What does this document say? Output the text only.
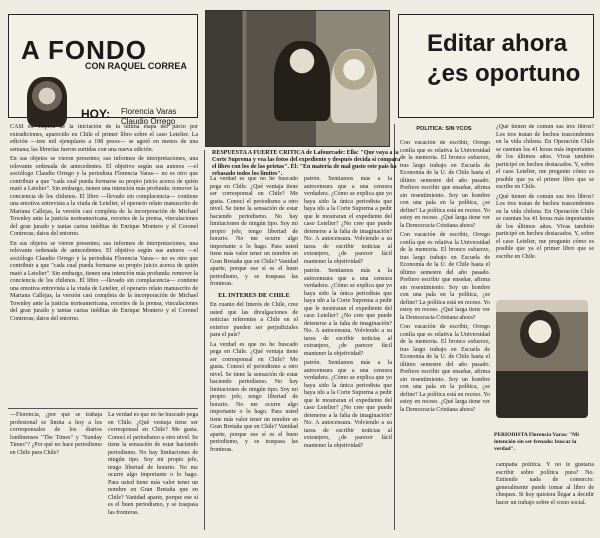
A FONDO
CON RAQUEL CORREA
HOY: Florencia Varas
Claudio Orrego
Editar ahora
¿es oportuno
RESPUESTA A FUERTE CRITICA de Lafourcade: Ella: "Que vaya a la Corte Suprema y vea las fotos del expediente y después decida si compara el libro con los de las prietas". Él: "En materia de mal gusto este país ha rebasado todos los límites".

CASI en víspera de la iniciación de la última etapa del juicio por extradiciones, aparecido en Chile el primer libro sobre el caso Letelier. La edición —tres mil ejemplares a 198 pesos— se agotó en menos de una semana; las librerías fueron surtidas con una nueva edición.

En sus objetos se vieron presentes; sus informes de interpretaciones, una relevante ordenada de antecedentes. El objetivo según sus autores —el sociólogo Claudio Orrego y la periodista Florencia Varas— no es otro que contribuir a que "cada cual pueda formarse su propio juicio acerca de quién mató a Letelier". Sin embargo, tienen una intención más profunda: remover la conciencia de los chilenos. El libro —llevado sin complacencia— contiene una emotiva entrevista a la viuda de Letelier, el operario relato manuscrito de Mariana Callejas, la versión casi completa de la incorporación de Michael Townley ante la justicia norteamericana, recortes de la prensa, vinculaciones del gran jurado y tantas cartas inéditas de Enrique Montero y el Coronel Contreras; datos del entorno.

En sus objetos se vieron presentes; sus informes de interpretaciones, una relevante ordenada de antecedentes. El objetivo según sus autores —el sociólogo Claudio Orrego y la periodista Florencia Varas— no es otro que contribuir a que "cada cual pueda formarse su propio juicio acerca de quién mató a Letelier". Sin embargo, tienen una intención más profunda: remover la conciencia de los chilenos. El libro —llevado sin complacencia— contiene una emotiva entrevista a la viuda de Letelier, el operario relato manuscrito de Mariana Callejas, la versión casi completa de la incorporación de Michael Townley ante la justicia norteamericana, recortes de la prensa, vinculaciones del gran jurado y tantas cartas inéditas de Enrique Montero y el Coronel Contreras; datos del entorno.

—Florencia, ¿por qué se trabaja profesional se limita a hoy a los corresponsales de los diarios londinenses "The Times" y "Sunday Times"? ¿Por qué no hace periodismo en Chile para Chile?

La verdad es que no he buscado pega en Chile. ¿Qué ventaja tiene ser corresponsal en Chile? Me gusta. Conocí el periodismo a otro nivel. Se tiene la sensación de estar haciendo periodismo. No hay limitaciones de ningún tipo. Soy mi propio jefe, tengo libertad de horario. No me ocurre algo importante o lo hago. Para usted tiene más valor tener un nombre en Gran Bretaña que en Chile? Vanidad aparte, porque ese sí es el buen periodismo, y se traspasa las fronteras.

La verdad es que no he buscado pega en Chile. ¿Qué ventaja tiene ser corresponsal en Chile? Me gusta. Conocí el periodismo a otro nivel. Se tiene la sensación de estar haciendo periodismo. No hay limitaciones de ningún tipo. Soy mi propio jefe, tengo libertad de horario. No me ocurre algo importante o lo hago. Para usted tiene más valor tener un nombre en Gran Bretaña que en Chile? Vanidad aparte, porque ese sí es el buen periodismo, y se traspasa las fronteras.

EL INTERES DE CHILE

En cuanto del Interés de Chile, cree usted que las divulgaciones de noticias referentes a Chile en el exterior pueden ser perjudiciales para el país?

La verdad es que no he buscado pega en Chile. ¿Qué ventaja tiene ser corresponsal en Chile? Me gusta. Conocí el periodismo a otro nivel. Se tiene la sensación de estar haciendo periodismo. No hay limitaciones de ningún tipo. Soy mi propio jefe, tengo libertad de horario. No me ocurre algo importante o lo hago. Para usted tiene más valor tener un nombre en Gran Bretaña que en Chile? Vanidad aparte, porque ese sí es el buen periodismo, y se traspasa las fronteras.

patrón. Sentíamos más a la autocensura que a una censura verdadera. ¿Cómo se explica que yo haya sido la única periodista que haya ido a la Corte Suprema a pedir que le mostraran el expediente del caso Letelier? ¿No cree que puede detenerse a la falta de imaginación? No. A autocensura. Volviendo a su tarea de escribir noticias al extranjero, ¿de parecer fácil mantener la objetividad?

patrón. Sentíamos más a la autocensura que a una censura verdadera. ¿Cómo se explica que yo haya sido la única periodista que haya ido a la Corte Suprema a pedir que le mostraran el expediente del caso Letelier? ¿No cree que puede detenerse a la falta de imaginación? No. A autocensura. Volviendo a su tarea de escribir noticias al extranjero, ¿de parecer fácil mantener la objetividad?

patrón. Sentíamos más a la autocensura que a una censura verdadera. ¿Cómo se explica que yo haya sido la única periodista que haya ido a la Corte Suprema a pedir que le mostraran el expediente del caso Letelier? ¿No cree que puede detenerse a la falta de imaginación? No. A autocensura. Volviendo a su tarea de escribir noticias al extranjero, ¿de parecer fácil mantener la objetividad?

POLITICA: SIN YCOS

Con vacación de escribir, Orrego confía que es relativa la Universidad de la memoria. El bronco esfuerzo, tras largo trabajo en Escuela de Economía de la U. de Chile hasta el último semestre del año pasado. Prefiero escribir que enseñar, afirma sin resentimiento. Soy un hombre con una pala en la política, ¿se define? La política está en receso. Yo estoy en receso. ¿Qué larga tiene ver la Democracia Cristiana ahora?

Con vacación de escribir, Orrego confía que es relativa la Universidad de la memoria. El bronco esfuerzo, tras largo trabajo en Escuela de Economía de la U. de Chile hasta el último semestre del año pasado. Prefiero escribir que enseñar, afirma sin resentimiento. Soy un hombre con una pala en la política, ¿se define? La política está en receso. Yo estoy en receso. ¿Qué larga tiene ver la Democracia Cristiana ahora?

Con vacación de escribir, Orrego confía que es relativa la Universidad de la memoria. El bronco esfuerzo, tras largo trabajo en Escuela de Economía de la U. de Chile hasta el último semestre del año pasado. Prefiero escribir que enseñar, afirma sin resentimiento. Soy un hombre con una pala en la política, ¿se define? La política está en receso. Yo estoy en receso. ¿Qué larga tiene ver la Democracia Cristiana ahora?

¿Qué tienen de común sus tres libros? Los tres tratan de hechos trascendentes en la vida chilena. En Operación Chile se cuentan los 41 horas más importantes de los últimos años. Vivas también participó en hechos destacados. Y, sobre el caso Letelier, me pregunto cómo es posible que ya el primer libro que se escribe en Chile.

¿Qué tienen de común sus tres libros? Los tres tratan de hechos trascendentes en la vida chilena. En Operación Chile se cuentan los 41 horas más importantes de los últimos años. Vivas también participó en hechos destacados. Y, sobre el caso Letelier, me pregunto cómo es posible que ya el primer libro que se escribe en Chile.

PERIODISTA Florencia Varas: "Mi intención sin ser frenado: buscar la verdad".

campaña política. Y no le gustaría escribir sobre política pura? No. Entiendo nada de comercio: generalmente puede tomar al libro de cheques. Si hoy quisiera llegar a decidir hacer un trabajo sobre el costo social.
